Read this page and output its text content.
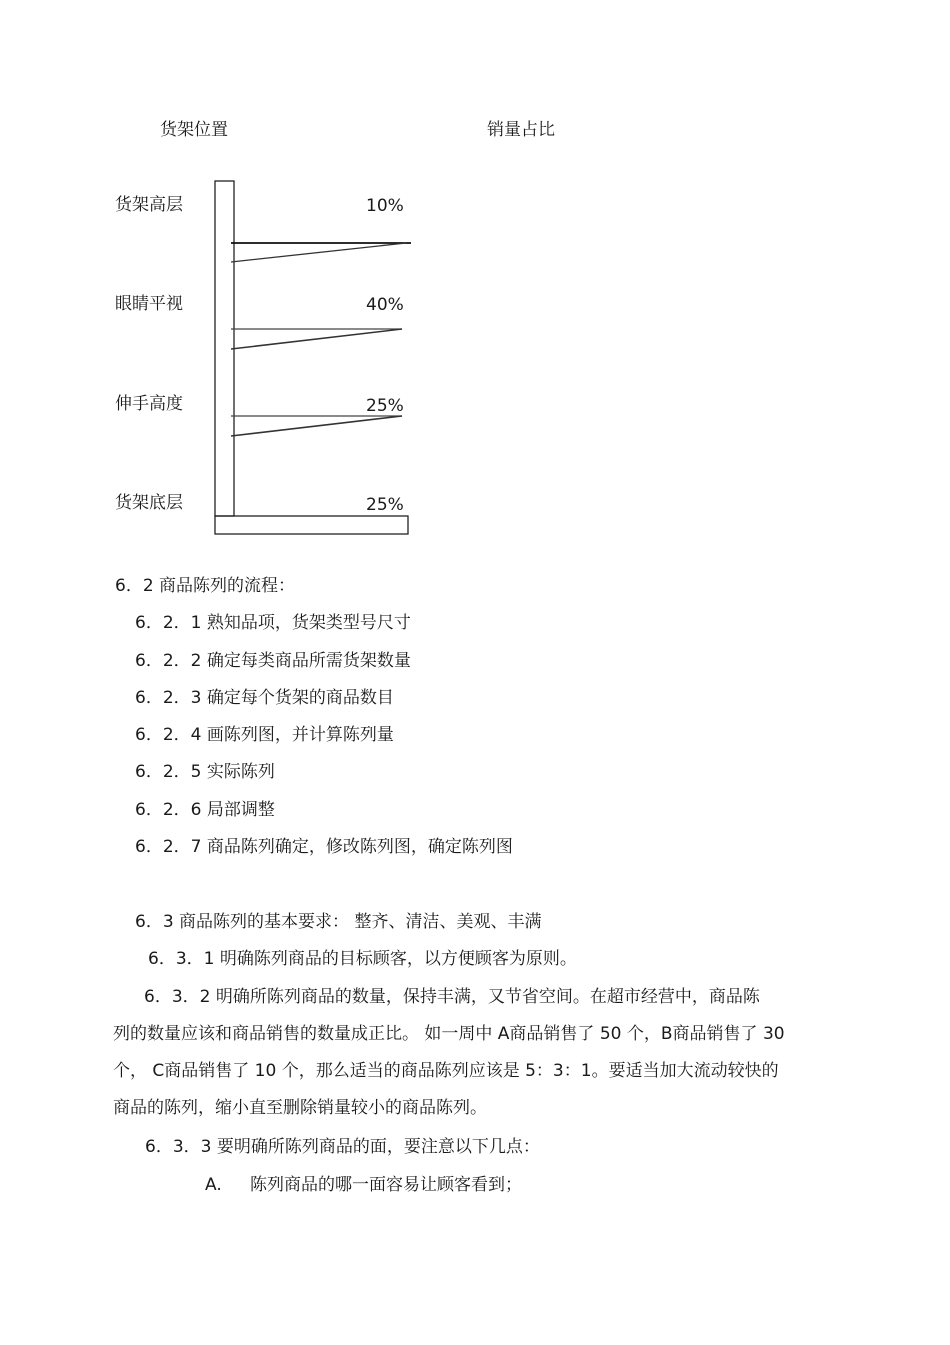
货架位置	销量占比
货架高层	10%
眼睛平视	40%
伸手高度	25%
货架底层	25%
6．2 商品陈列的流程：
6．2．1 熟知品项，货架类型号尺寸
6．2．2 确定每类商品所需货架数量
6．2．3 确定每个货架的商品数目
6．2．4 画陈列图，并计算陈列量
6．2．5 实际陈列
6．2．6 局部调整
6．2．7 商品陈列确定，修改陈列图，确定陈列图
6．3 商品陈列的基本要求： 整齐、清洁、美观、丰满
6．3．1 明确陈列商品的目标顾客，以方便顾客为原则。
6．3．2 明确所陈列商品的数量，保持丰满，又节省空间。在超市经营中，商品陈
列的数量应该和商品销售的数量成正比。 如一周中 A商品销售了 50 个，B商品销售了 30
个， C商品销售了 10 个，那么适当的商品陈列应该是 5：3：1。要适当加大流动较快的
商品的陈列，缩小直至删除销量较小的商品陈列。
6．3．3 要明确所陈列商品的面，要注意以下几点：
A. 陈列商品的哪一面容易让顾客看到；
